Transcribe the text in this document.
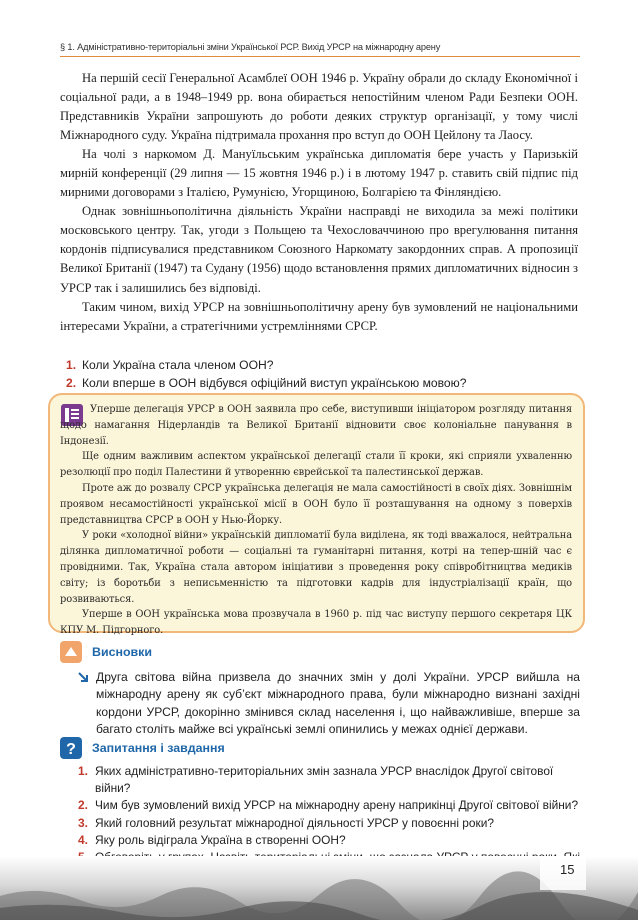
§ 1. Адміністративно-територіальні зміни Української РСР. Вихід УРСР на міжнародну арену

На першій сесії Генеральної Асамблеї ООН 1946 р. Україну обрали до складу Економічної і соціальної ради, а в 1948–1949 рр. вона обирається непостійним членом Ради Безпеки ООН. Представників України запрошують до роботи деяких структур організації, у тому числі Міжнародного суду. Україна підтримала прохання про вступ до ООН Цейлону та Лаосу.

На чолі з наркомом Д. Мануїльським українська дипломатія бере участь у Паризькій мирній конференції (29 липня — 15 жовтня 1946 р.) і в лютому 1947 р. ставить свій підпис під мирними договорами з Італією, Румунією, Угорщиною, Болгарією та Фінляндією.

Однак зовнішньополітична діяльність України насправді не виходила за межі політики московського центру. Так, угоди з Польщею та Чехословаччиною про врегулювання питання кордонів підписувалися представником Союзного Наркомату закордонних справ. А пропозиції Великої Британії (1947) та Судану (1956) щодо встановлення прямих дипломатичних відносин з УРСР так і залишились без відповіді.

Таким чином, вихід УРСР на зовнішньополітичну арену був зумовлений не національними інтересами України, а стратегічними устремліннями СРСР.

1. Коли Україна стала членом ООН?
2. Коли вперше в ООН відбувся офіційний виступ українською мовою?

Уперше делегація УРСР в ООН заявила про себе, виступивши ініціатором розгляду питання щодо намагання Нідерландів та Великої Британії відновити своє колоніальне панування в Індонезії.

Ще одним важливим аспектом української делегації стали її кроки, які сприяли ухваленню резолюції про поділ Палестини й утворенню єврейської та палестинської держав.

Проте аж до розвалу СРСР українська делегація не мала самостійності в своїх діях. Зовнішнім проявом несамостійності української місії в ООН було її розташування на одному з поверхів представництва СРСР в ООН у Нью-Йорку.

У роки «холодної війни» українській дипломатії була виділена, як тоді вважалося, нейтральна ділянка дипломатичної роботи — соціальні та гуманітарні питання, котрі на тепер-шній час є провідними. Так, Україна стала автором ініціативи з проведення року співробітництва медиків світу; із боротьби з неписьменністю та підготовки кадрів для індустріалізації країн, що розвиваються.

Уперше в ООН українська мова прозвучала в 1960 р. під час виступу першого секретаря ЦК КПУ М. Підгорного.

Висновки
Друга світова війна призвела до значних змін у долі України. УРСР вийшла на міжнародну арену як суб’єкт міжнародного права, були міжнародно визнані західні кордони УРСР, докорінно змінився склад населення і, що найважливіше, вперше за багато століть майже всі українські землі опинились у межах однієї держави.
? Запитання і завдання
1. Яких адміністративно-територіальних змін зазнала УРСР внаслідок Другої світової війни?
2. Чим був зумовлений вихід УРСР на міжнародну арену наприкінці Другої світової війни?
3. Який головний результат міжнародної діяльності УРСР у повоєнні роки?
4. Яку роль відіграла Україна в створенні ООН?
15
